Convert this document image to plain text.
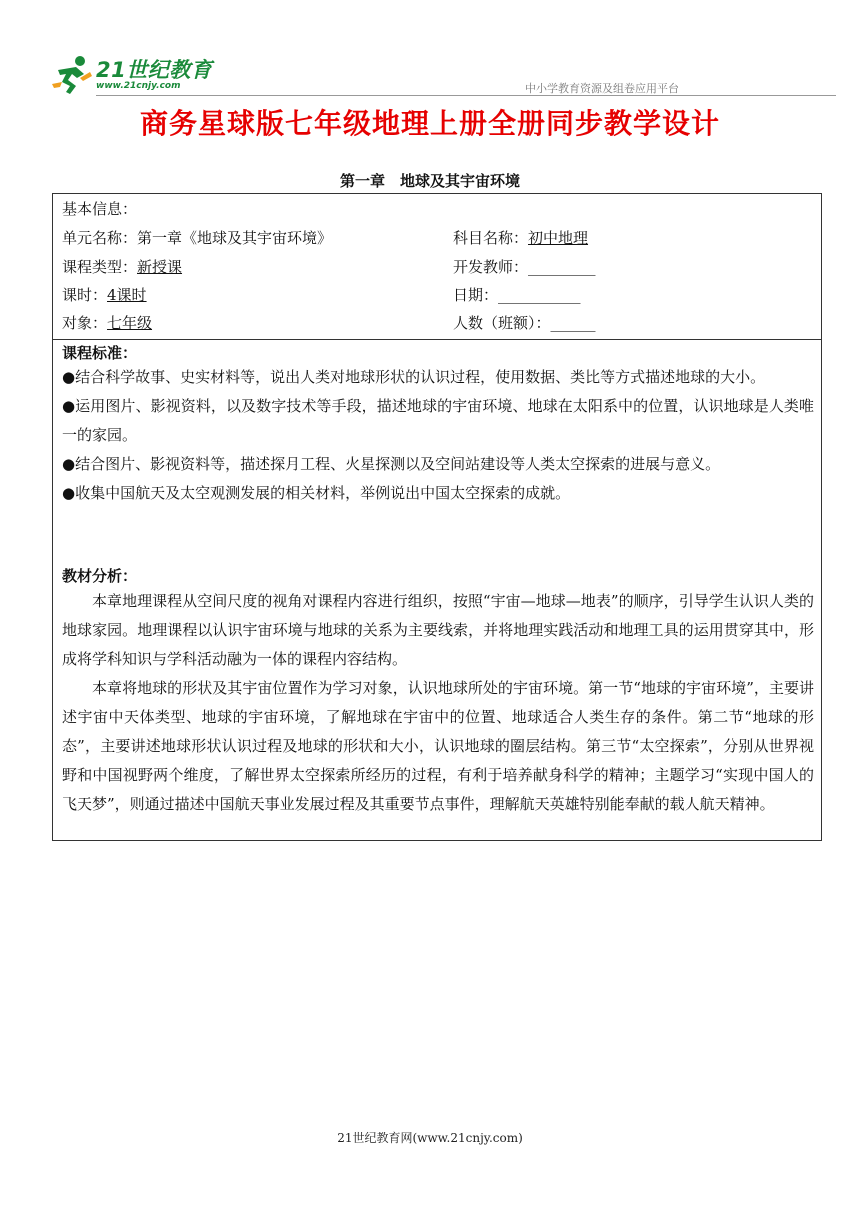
21世纪教育
www.21cnjy.com	中小学教育资源及组卷应用平台
商务星球版七年级地理上册全册同步教学设计
第一章　地球及其宇宙环境
基本信息：
单元名称：第一章《地球及其宇宙环境》	科目名称：初中地理
课程类型：新授课	开发教师：_________
课时：4课时	日期：___________
对象：七年级	人数（班额）：______
课程标准：
●结合科学故事、史实材料等，说出人类对地球形状的认识过程，使用数据、类比等方式描述地球的大小。
●运用图片、影视资料，以及数字技术等手段，描述地球的宇宙环境、地球在太阳系中的位置，认识地球是人类唯一的家园。
●结合图片、影视资料等，描述探月工程、火星探测以及空间站建设等人类太空探索的进展与意义。
●收集中国航天及太空观测发展的相关材料，举例说出中国太空探索的成就。
教材分析：
本章地理课程从空间尺度的视角对课程内容进行组织，按照“宇宙—地球—地表”的顺序，引导学生认识人类的地球家园。地理课程以认识宇宙环境与地球的关系为主要线索，并将地理实践活动和地理工具的运用贯穿其中，形成将学科知识与学科活动融为一体的课程内容结构。
本章将地球的形状及其宇宙位置作为学习对象，认识地球所处的宇宙环境。第一节“地球的宇宙环境”，主要讲述宇宙中天体类型、地球的宇宙环境，了解地球在宇宙中的位置、地球适合人类生存的条件。第二节“地球的形态”，主要讲述地球形状认识过程及地球的形状和大小，认识地球的圈层结构。第三节“太空探索”，分别从世界视野和中国视野两个维度，了解世界太空探索所经历的过程，有利于培养献身科学的精神；主题学习“实现中国人的飞天梦”，则通过描述中国航天事业发展过程及其重要节点事件，理解航天英雄特别能奉献的载人航天精神。
21世纪教育网(www.21cnjy.com)
